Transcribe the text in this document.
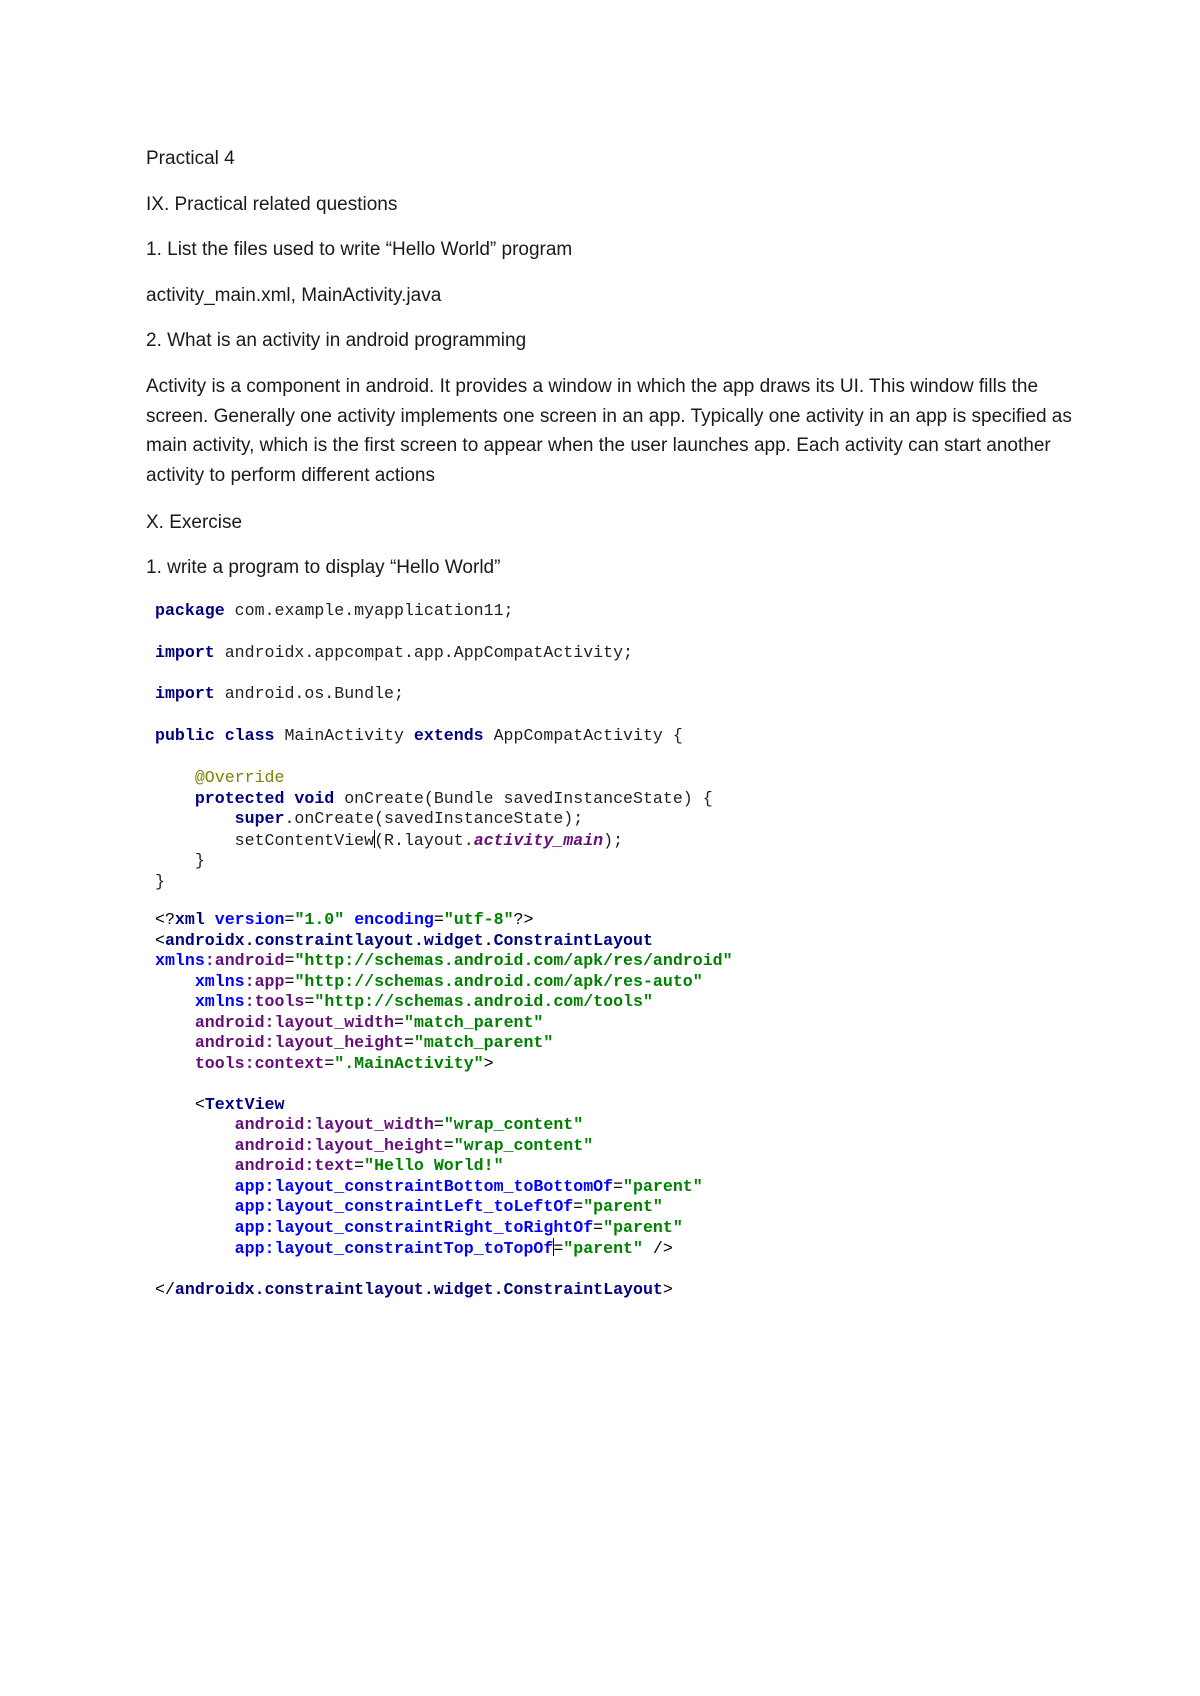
Practical 4
IX. Practical related questions
1. List the files used to write “Hello World” program
activity_main.xml, MainActivity.java
2. What is an activity in android programming
Activity is a component in android. It provides a window in which the app draws its UI. This window fills the screen. Generally one activity implements one screen in an app. Typically one activity in an app is specified as main activity, which is the first screen to appear when the user launches app. Each activity can start another activity to perform different actions
X. Exercise
1. write a program to display “Hello World”
package com.example.myapplication11;
import androidx.appcompat.app.AppCompatActivity;
import android.os.Bundle;
public class MainActivity extends AppCompatActivity {
@Override
protected void onCreate(Bundle savedInstanceState) {
super.onCreate(savedInstanceState);
setContentView(R.layout.activity_main);
}
}
<?xml version="1.0" encoding="utf-8"?>
<androidx.constraintlayout.widget.ConstraintLayout
xmlns:android="http://schemas.android.com/apk/res/android"
xmlns:app="http://schemas.android.com/apk/res-auto"
xmlns:tools="http://schemas.android.com/tools"
android:layout_width="match_parent"
android:layout_height="match_parent"
tools:context=".MainActivity">

<TextView
android:layout_width="wrap_content"
android:layout_height="wrap_content"
android:text="Hello World!"
app:layout_constraintBottom_toBottomOf="parent"
app:layout_constraintLeft_toLeftOf="parent"
app:layout_constraintRight_toRightOf="parent"
app:layout_constraintTop_toTopOf="parent" />

</androidx.constraintlayout.widget.ConstraintLayout>
